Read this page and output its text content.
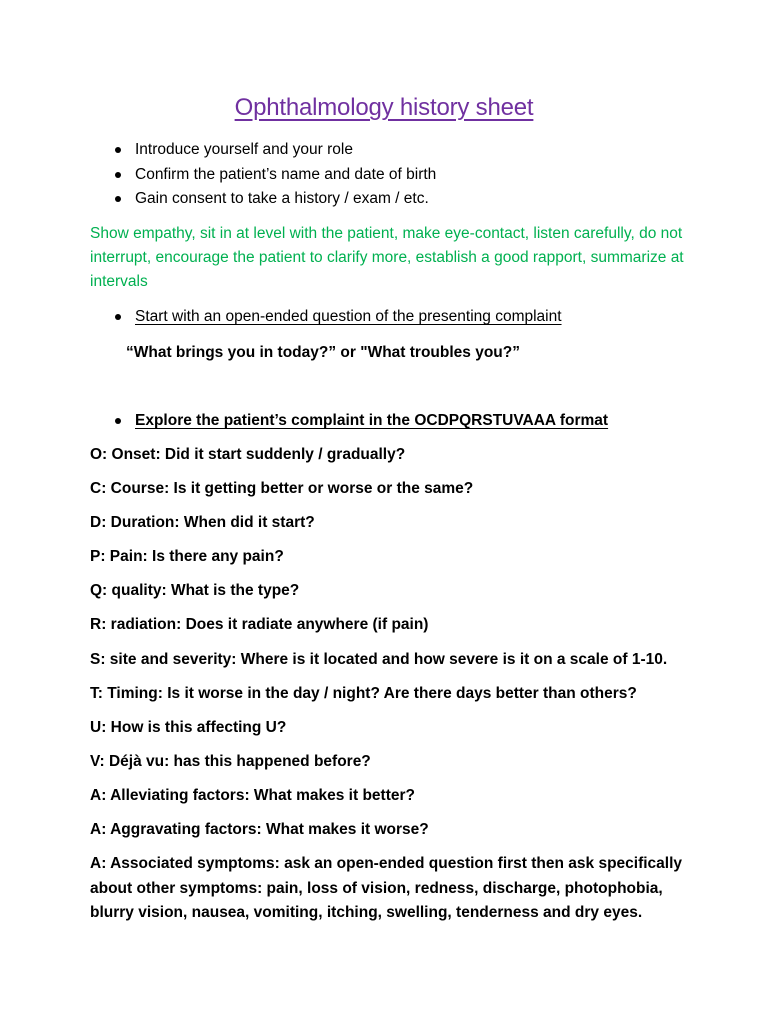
Ophthalmology history sheet
Introduce yourself and your role
Confirm the patient’s name and date of birth
Gain consent to take a history / exam / etc.

Show empathy, sit in at level with the patient, make eye-contact, listen carefully, do not interrupt, encourage the patient to clarify more, establish a good rapport, summarize at intervals

Start with an open-ended question of the presenting complaint

“What brings you in today?” or "What troubles you?”

Explore the patient’s complaint in the OCDPQRSTUVAAA format

O: Onset: Did it start suddenly / gradually?

C: Course: Is it getting better or worse or the same?

D: Duration: When did it start?

P: Pain: Is there any pain?

Q: quality: What is the type?

R: radiation: Does it radiate anywhere (if pain)

S: site and severity: Where is it located and how severe is it on a scale of 1-10.

T: Timing: Is it worse in the day / night? Are there days better than others?

U: How is this affecting U?

V: Déjà vu: has this happened before?

A: Alleviating factors: What makes it better?

A: Aggravating factors: What makes it worse?

A: Associated symptoms: ask an open-ended question first then ask specifically about other symptoms: pain, loss of vision, redness, discharge, photophobia, blurry vision, nausea, vomiting, itching, swelling, tenderness and dry eyes.
